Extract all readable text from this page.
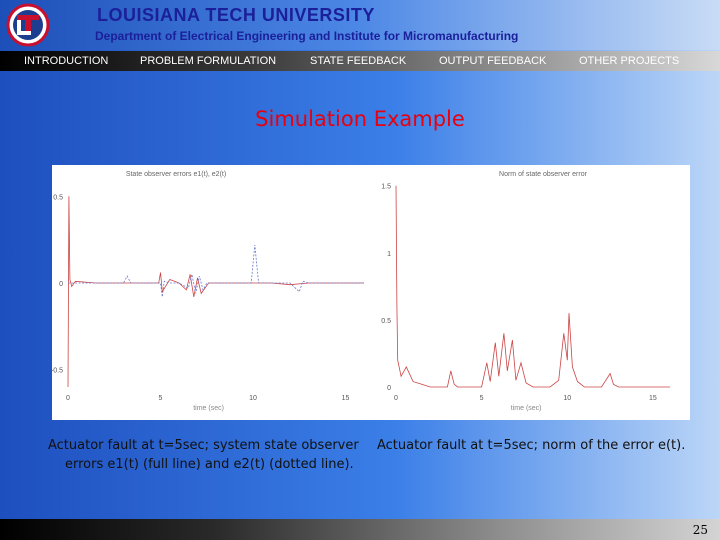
LOUISIANA TECH UNIVERSITY
Department of Electrical Engineering and Institute for Micromanufacturing
INTRODUCTION	PROBLEM FORMULATION	STATE FEEDBACK	OUTPUT FEEDBACK	OTHER PROJECTS
Simulation Example
State observer errors e1(t), e2(t)
0.5
0
-0.5
0	5	10	15
time (sec)
Norm of state observer error
1.5
1
0.5
0
0	5	10	15
time (sec)
Actuator fault at t=5sec; system state observer
errors e1(t) (full line) and e2(t) (dotted line).
Actuator fault at t=5sec; norm of the error e(t).
25
